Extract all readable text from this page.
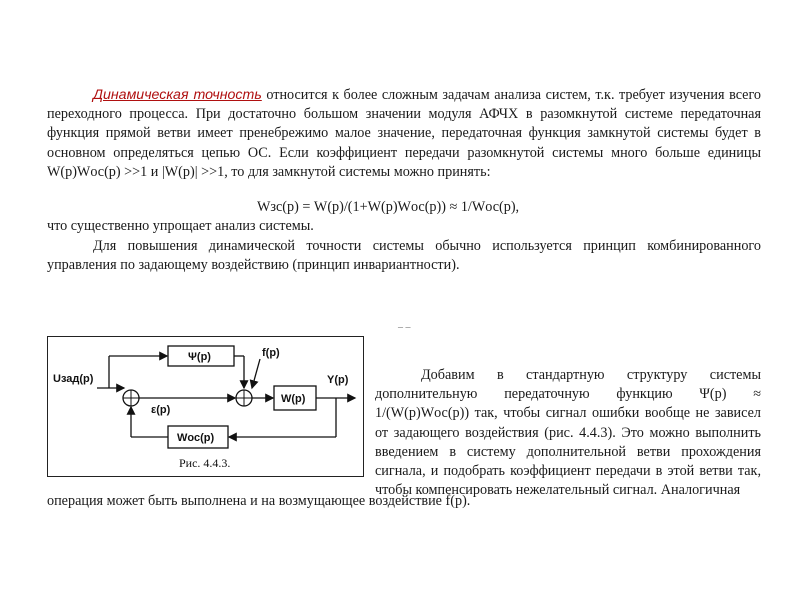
Динамическая точность относится к более сложным задачам анализа систем, т.к. требует изучения всего переходного процесса. При достаточно большом значении модуля АФЧХ в разомкнутой системе передаточная функция прямой ветви имеет пренебрежимо малое значение, передаточная функция замкнутой системы будет в основном определяться цепью ОС. Если коэффициент передачи разомкнутой системы много больше единицы W(p)Wос(p) >>1 и |W(p)| >>1, то для замкнутой системы можно принять:

Wзс(p) = W(p)/(1+W(p)Wос(p)) ≈ 1/Wос(p),

что существенно упрощает анализ системы.

Для повышения динамической точности системы обычно используется принцип комбинированного управления по задающему воздействию (принцип инвариантности).

– –
Uзад(p)
Ψ(p)
ε(p)
f(p)
W(p)
Y(p)
Wос(p)
Рис. 4.4.3.

Добавим в стандартную структуру системы дополнительную передаточную функцию Ψ(p) ≈ 1/(W(p)Wос(p)) так, чтобы сигнал ошибки вообще не зависел от задающего воздействия (рис. 4.4.3). Это можно выполнить введением в систему дополнительной ветви прохождения сигнала, и подобрать коэффициент передачи в этой ветви так, чтобы компенсировать нежелательный сигнал. Аналогичная

операция может быть выполнена и на возмущающее воздействие f(p).
